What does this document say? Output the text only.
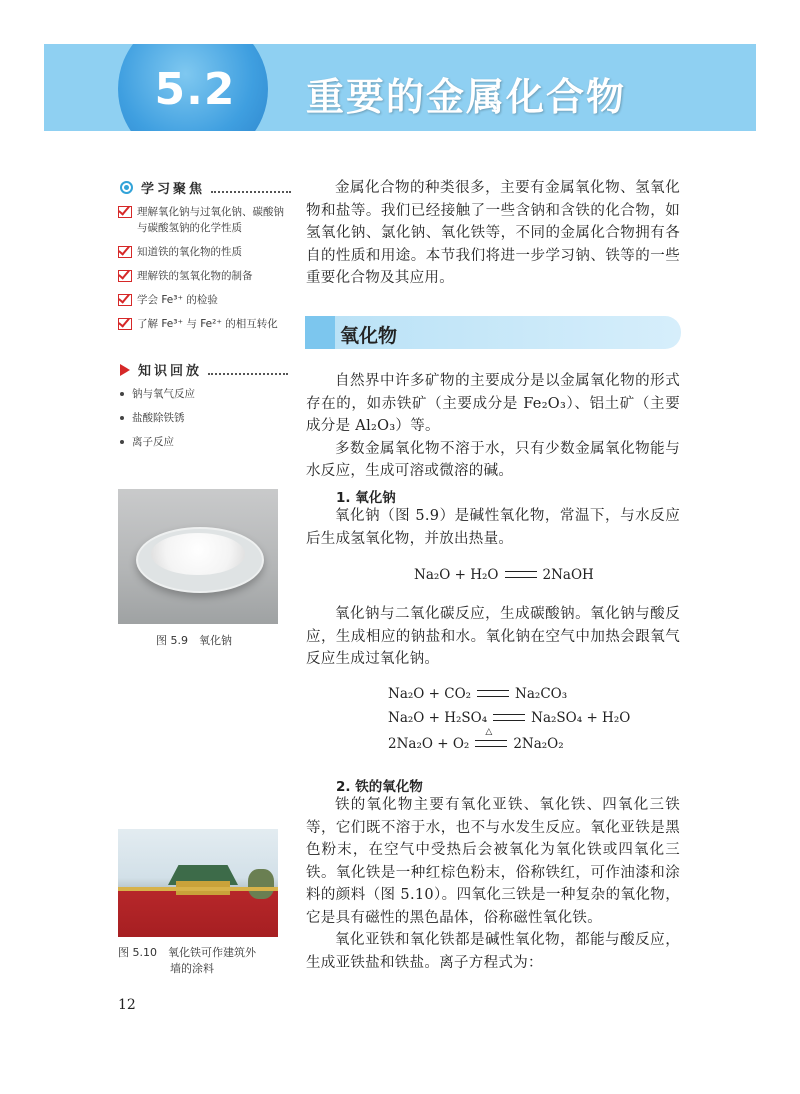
5.2 重要的金属化合物
学习聚焦
理解氧化钠与过氧化钠、碳酸钠与碳酸氢钠的化学性质
知道铁的氧化物的性质
理解铁的氢氧化物的制备
学会 Fe³⁺ 的检验
了解 Fe³⁺ 与 Fe²⁺ 的相互转化
知识回放
钠与氧气反应
盐酸除铁锈
离子反应
图 5.9　氧化钠
图 5.10　氧化铁可作建筑外
墙的涂料

金属化合物的种类很多，主要有金属氧化物、氢氧化物和盐等。我们已经接触了一些含钠和含铁的化合物，如氢氧化钠、氯化钠、氧化铁等，不同的金属化合物拥有各自的性质和用途。本节我们将进一步学习钠、铁等的一些重要化合物及其应用。

氧化物

自然界中许多矿物的主要成分是以金属氧化物的形式存在的，如赤铁矿（主要成分是 Fe₂O₃）、铝土矿（主要成分是 Al₂O₃）等。

多数金属氧化物不溶于水，只有少数金属氧化物能与水反应，生成可溶或微溶的碱。

1. 氧化钠

氧化钠（图 5.9）是碱性氧化物，常温下，与水反应后生成氢氧化物，并放出热量。

Na₂O + H₂O	2NaOH

氧化钠与二氧化碳反应，生成碳酸钠。氧化钠与酸反应，生成相应的钠盐和水。氧化钠在空气中加热会跟氧气反应生成过氧化钠。

Na₂O + CO₂	Na₂CO₃
Na₂O + H₂SO₄	Na₂SO₄ + H₂O
2Na₂O + O₂
△
2Na₂O₂
2. 铁的氧化物

铁的氧化物主要有氧化亚铁、氧化铁、四氧化三铁等，它们既不溶于水，也不与水发生反应。氧化亚铁是黑色粉末，在空气中受热后会被氧化为氧化铁或四氧化三铁。氧化铁是一种红棕色粉末，俗称铁红，可作油漆和涂料的颜料（图 5.10）。四氧化三铁是一种复杂的氧化物，它是具有磁性的黑色晶体，俗称磁性氧化铁。

氧化亚铁和氧化铁都是碱性氧化物，都能与酸反应，生成亚铁盐和铁盐。离子方程式为：

12
